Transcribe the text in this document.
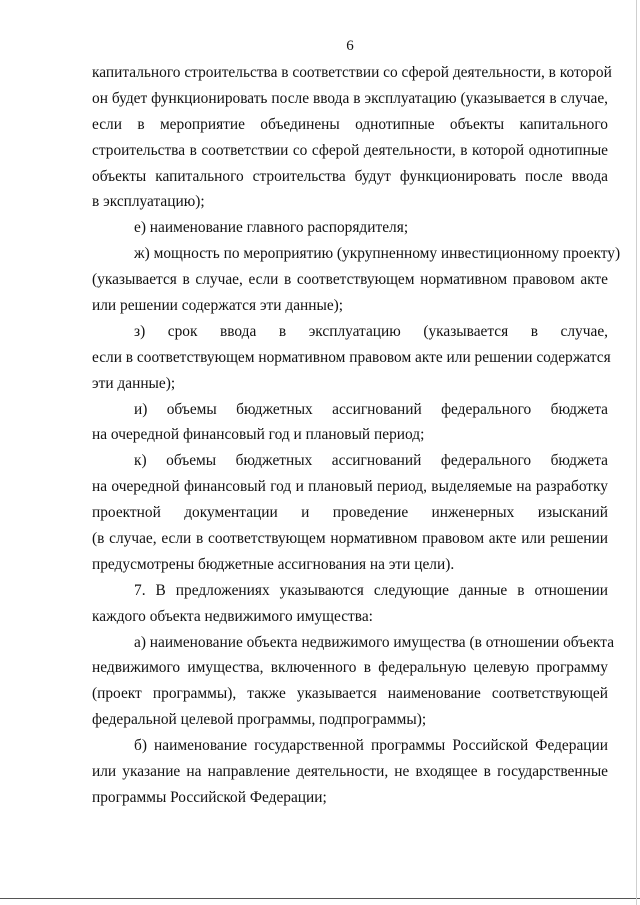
6
капитального строительства в соответствии со сферой деятельности, в которой
он будет функционировать после ввода в эксплуатацию (указывается в случае,
если в мероприятие объединены однотипные объекты капитального
строительства в соответствии со сферой деятельности, в которой однотипные
объекты капитального строительства будут функционировать после ввода
в эксплуатацию);
е) наименование главного распорядителя;
ж) мощность по мероприятию (укрупненному инвестиционному проекту)
(указывается в случае, если в соответствующем нормативном правовом акте
или решении содержатся эти данные);
з) срок ввода в эксплуатацию (указывается в случае,
если в соответствующем нормативном правовом акте или решении содержатся
эти данные);
и) объемы бюджетных ассигнований федерального бюджета
на очередной финансовый год и плановый период;
к) объемы бюджетных ассигнований федерального бюджета
на очередной финансовый год и плановый период, выделяемые на разработку
проектной документации и проведение инженерных изысканий
(в случае, если в соответствующем нормативном правовом акте или решении
предусмотрены бюджетные ассигнования на эти цели).
7. В предложениях указываются следующие данные в отношении
каждого объекта недвижимого имущества:
а) наименование объекта недвижимого имущества (в отношении объекта
недвижимого имущества, включенного в федеральную целевую программу
(проект программы), также указывается наименование соответствующей
федеральной целевой программы, подпрограммы);
б) наименование государственной программы Российской Федерации
или указание на направление деятельности, не входящее в государственные
программы Российской Федерации;
